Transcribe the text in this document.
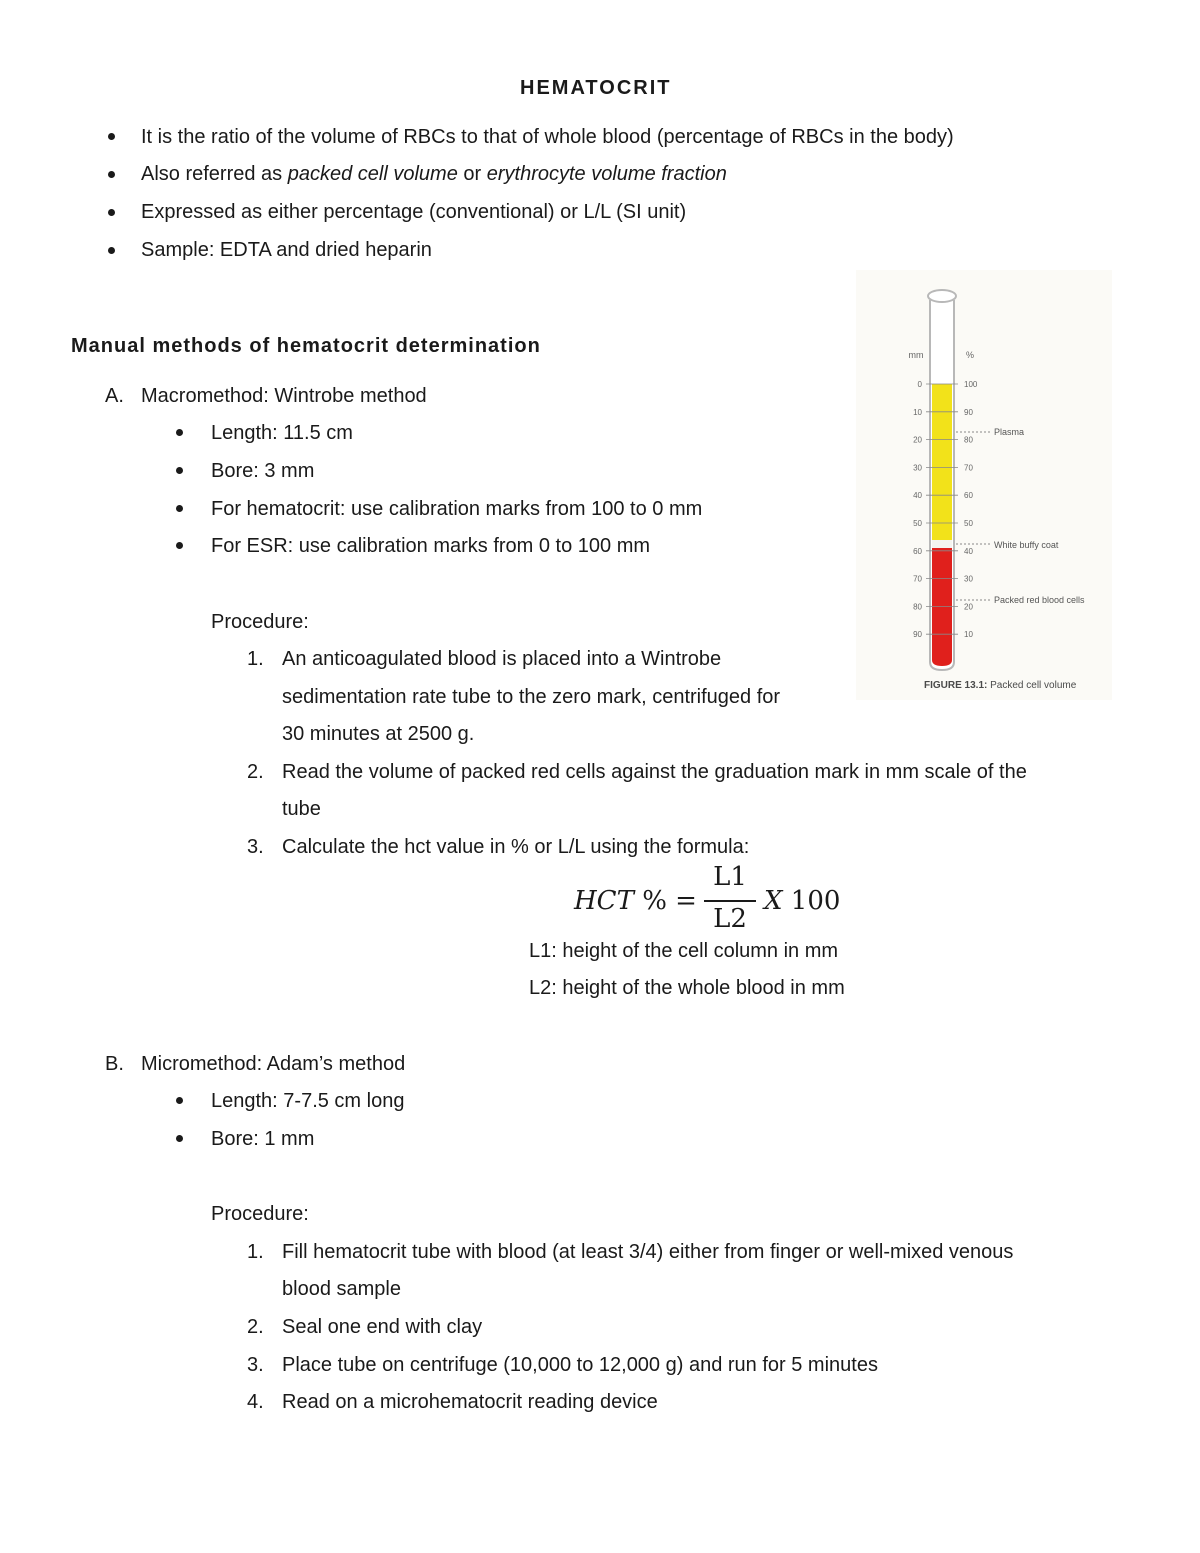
HEMATOCRIT
It is the ratio of the volume of RBCs to that of whole blood (percentage of RBCs in the body)
Also referred as packed cell volume or erythrocyte volume fraction
Expressed as either percentage (conventional) or L/L (SI unit)
Sample: EDTA and dried heparin
Manual methods of hematocrit determination
A. Macromethod: Wintrobe method
Length: 11.5 cm
Bore: 3 mm
For hematocrit: use calibration marks from 100 to 0 mm
For ESR: use calibration marks from 0 to 100 mm
Procedure:
1. An anticoagulated blood is placed into a Wintrobe
sedimentation rate tube to the zero mark, centrifuged for
30 minutes at 2500 g.
2. Read the volume of packed red cells against the graduation mark in mm scale of the
tube
3. Calculate the hct value in % or L/L using the formula:
HCT % =
L1
L2
X 100
L1: height of the cell column in mm
L2: height of the whole blood in mm
B. Micromethod: Adam’s method
Length: 7-7.5 cm long
Bore: 1 mm
Procedure:
1. Fill hematocrit tube with blood (at least 3/4) either from finger or well-mixed venous
blood sample
2. Seal one end with clay
3. Place tube on centrifuge (10,000 to 12,000 g) and run for 5 minutes
4. Read on a microhematocrit reading device
mm	%
0	100
10	90
20	80
30	70
40	60
50	50
60	40
70	30
80	20
90	10
Plasma
White buffy coat
Packed red blood cells
FIGURE 13.1: Packed cell volume
